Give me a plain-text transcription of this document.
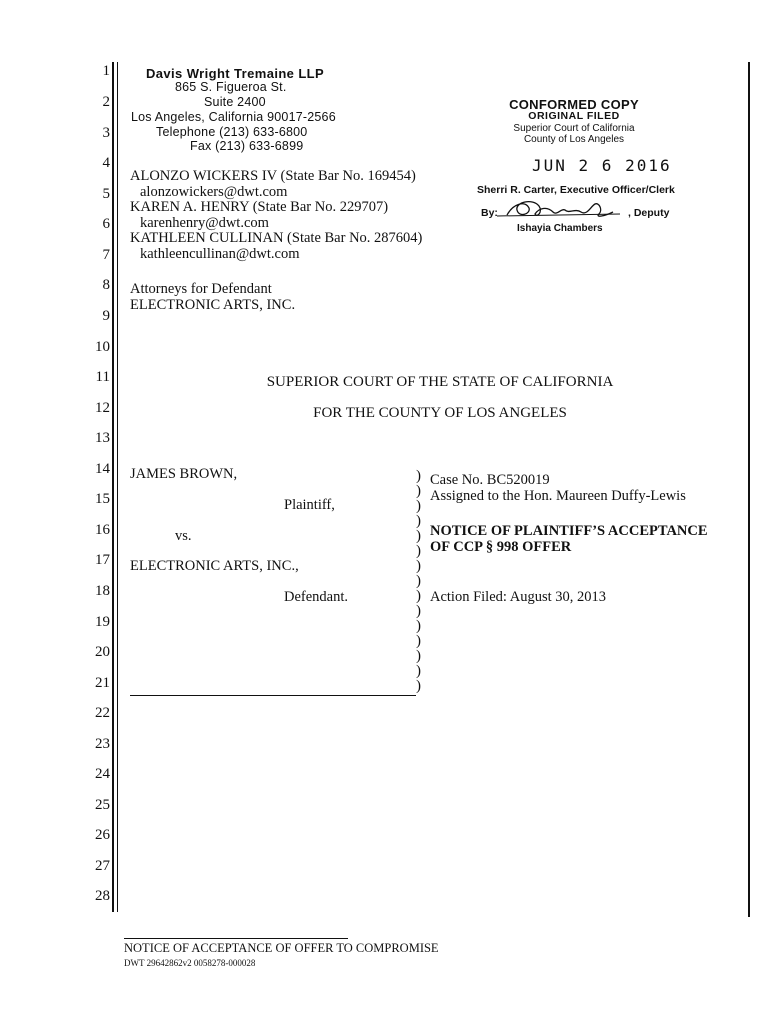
1
2
3
4
5
6
7
8
9
10
11
12
13
14
15
16
17
18
19
20
21
22
23
24
25
26
27
28
Davis Wright Tremaine LLP
865 S. Figueroa St.
Suite 2400
Los Angeles, California 90017-2566
Telephone (213) 633-6800
Fax (213) 633-6899
ALONZO WICKERS IV (State Bar No. 169454)
alonzowickers@dwt.com
KAREN A. HENRY (State Bar No. 229707)
karenhenry@dwt.com
KATHLEEN CULLINAN (State Bar No. 287604)
kathleencullinan@dwt.com
Attorneys for Defendant
ELECTRONIC ARTS, INC.
CONFORMED COPY
ORIGINAL FILED
Superior Court of California
County of Los Angeles
JUN 2 6 2016
Sherri R. Carter, Executive Officer/Clerk
By:	, Deputy
Ishayia Chambers
SUPERIOR COURT OF THE STATE OF CALIFORNIA
FOR THE COUNTY OF LOS ANGELES
JAMES BROWN,
Plaintiff,
vs.
ELECTRONIC ARTS, INC.,
Defendant.
)
)
)
)
)
)
)
)
)
)
)
)
)
)
)
Case No. BC520019
Assigned to the Hon. Maureen Duffy-Lewis
NOTICE OF PLAINTIFF’S ACCEPTANCE
OF CCP § 998 OFFER
Action Filed: August 30, 2013
NOTICE OF ACCEPTANCE OF OFFER TO COMPROMISE
DWT 29642862v2 0058278-000028
